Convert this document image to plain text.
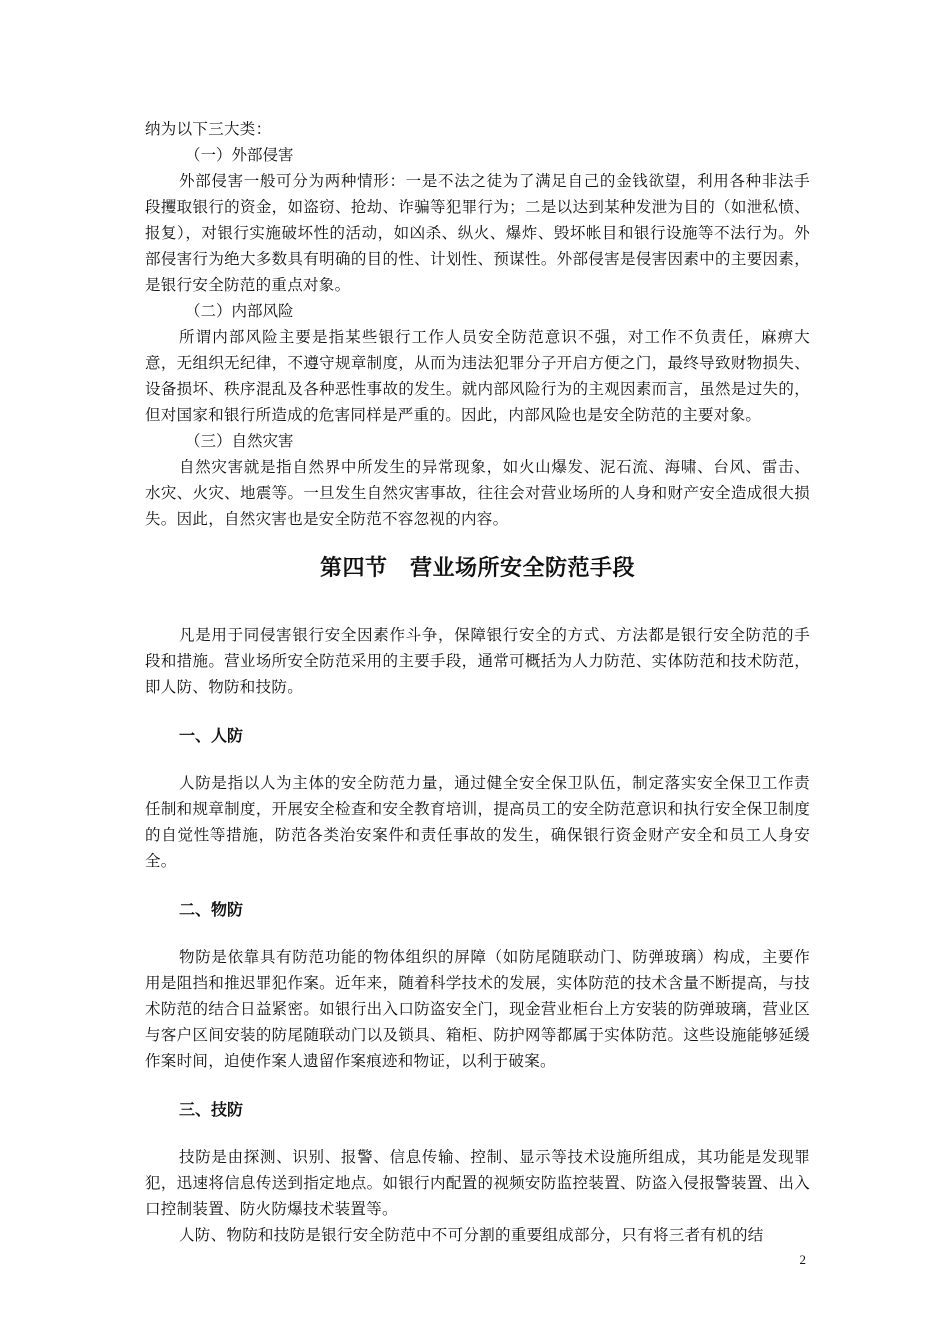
纳为以下三大类：

（一）外部侵害

外部侵害一般可分为两种情形：一是不法之徒为了满足自己的金钱欲望，利用各种非法手段攫取银行的资金，如盗窃、抢劫、诈骗等犯罪行为；二是以达到某种发泄为目的（如泄私愤、报复），对银行实施破坏性的活动，如凶杀、纵火、爆炸、毁坏帐目和银行设施等不法行为。外部侵害行为绝大多数具有明确的目的性、计划性、预谋性。外部侵害是侵害因素中的主要因素，是银行安全防范的重点对象。

（二）内部风险

所谓内部风险主要是指某些银行工作人员安全防范意识不强，对工作不负责任，麻痹大意，无组织无纪律，不遵守规章制度，从而为违法犯罪分子开启方便之门，最终导致财物损失、设备损坏、秩序混乱及各种恶性事故的发生。就内部风险行为的主观因素而言，虽然是过失的，但对国家和银行所造成的危害同样是严重的。因此，内部风险也是安全防范的主要对象。

（三）自然灾害

自然灾害就是指自然界中所发生的异常现象，如火山爆发、泥石流、海啸、台风、雷击、水灾、火灾、地震等。一旦发生自然灾害事故，往往会对营业场所的人身和财产安全造成很大损失。因此，自然灾害也是安全防范不容忽视的内容。

第四节　营业场所安全防范手段

凡是用于同侵害银行安全因素作斗争，保障银行安全的方式、方法都是银行安全防范的手段和措施。营业场所安全防范采用的主要手段，通常可概括为人力防范、实体防范和技术防范，即人防、物防和技防。

一、人防

人防是指以人为主体的安全防范力量，通过健全安全保卫队伍，制定落实安全保卫工作责任制和规章制度，开展安全检查和安全教育培训，提高员工的安全防范意识和执行安全保卫制度的自觉性等措施，防范各类治安案件和责任事故的发生，确保银行资金财产安全和员工人身安全。

二、物防

物防是依靠具有防范功能的物体组织的屏障（如防尾随联动门、防弹玻璃）构成，主要作用是阻挡和推迟罪犯作案。近年来，随着科学技术的发展，实体防范的技术含量不断提高，与技术防范的结合日益紧密。如银行出入口防盗安全门，现金营业柜台上方安装的防弹玻璃，营业区与客户区间安装的防尾随联动门以及锁具、箱柜、防护网等都属于实体防范。这些设施能够延缓作案时间，迫使作案人遗留作案痕迹和物证，以利于破案。

三、技防

技防是由探测、识别、报警、信息传输、控制、显示等技术设施所组成，其功能是发现罪犯，迅速将信息传送到指定地点。如银行内配置的视频安防监控装置、防盗入侵报警装置、出入口控制装置、防火防爆技术装置等。

人防、物防和技防是银行安全防范中不可分割的重要组成部分，只有将三者有机的结

2
